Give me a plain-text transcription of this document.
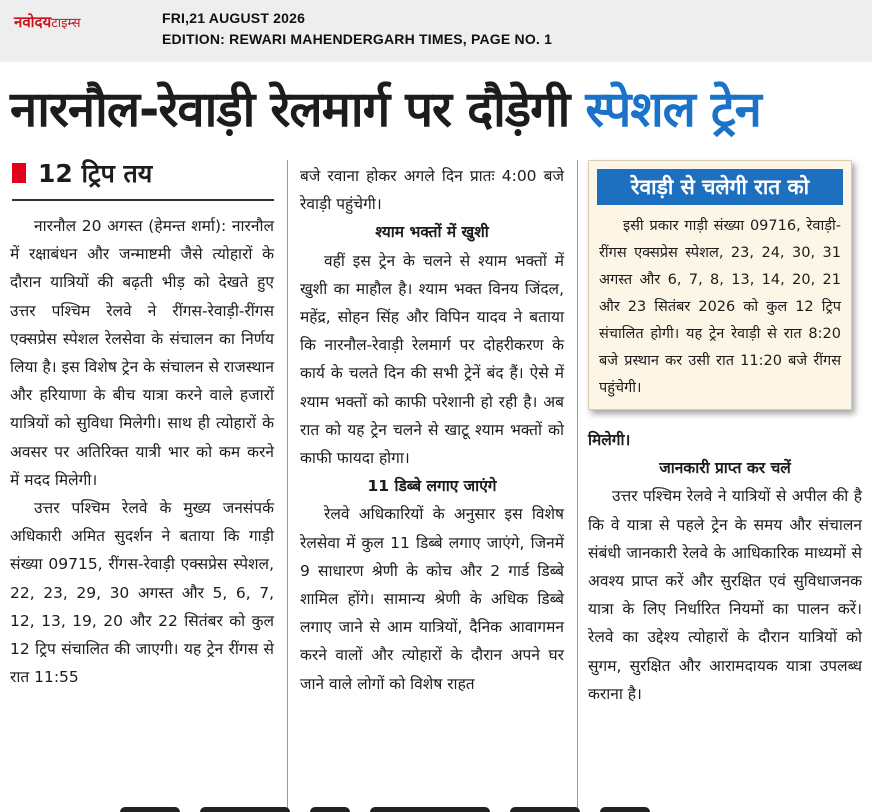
नवोदयटाइम्स	FRI,21 AUGUST 2026
EDITION: REWARI MAHENDERGARH TIMES, PAGE NO. 1
नारनौल-रेवाड़ी रेलमार्ग पर दौड़ेगी स्पेशल ट्रेन
12 ट्रिप तय

नारनौल 20 अगस्त (हेमन्त शर्मा): नारनौल में रक्षाबंधन और जन्माष्टमी जैसे त्योहारों के दौरान यात्रियों की बढ़ती भीड़ को देखते हुए उत्तर पश्चिम रेलवे ने रींगस-रेवाड़ी-रींगस एक्सप्रेस स्पेशल रेलसेवा के संचालन का निर्णय लिया है। इस विशेष ट्रेन के संचालन से राजस्थान और हरियाणा के बीच यात्रा करने वाले हजारों यात्रियों को सुविधा मिलेगी। साथ ही त्योहारों के अवसर पर अतिरिक्त यात्री भार को कम करने में मदद मिलेगी।

उत्तर पश्चिम रेलवे के मुख्य जनसंपर्क अधिकारी अमित सुदर्शन ने बताया कि गाड़ी संख्या 09715, रींगस-रेवाड़ी एक्सप्रेस स्पेशल, 22, 23, 29, 30 अगस्त और 5, 6, 7, 12, 13, 19, 20 और 22 सितंबर को कुल 12 ट्रिप संचालित की जाएगी। यह ट्रेन रींगस से रात 11:55

बजे रवाना होकर अगले दिन प्रातः 4:00 बजे रेवाड़ी पहुंचेगी।

श्याम भक्तों में खुशी

वहीं इस ट्रेन के चलने से श्याम भक्तों में खुशी का माहौल है। श्याम भक्त विनय जिंदल, महेंद्र, सोहन सिंह और विपिन यादव ने बताया कि नारनौल-रेवाड़ी रेलमार्ग पर दोहरीकरण के कार्य के चलते दिन की सभी ट्रेनें बंद हैं। ऐसे में श्याम भक्तों को काफी परेशानी हो रही है। अब रात को यह ट्रेन चलने से खाटू श्याम भक्तों को काफी फायदा होगा।

11 डिब्बे लगाए जाएंगे

रेलवे अधिकारियों के अनुसार इस विशेष रेलसेवा में कुल 11 डिब्बे लगाए जाएंगे, जिनमें 9 साधारण श्रेणी के कोच और 2 गार्ड डिब्बे शामिल होंगे। सामान्य श्रेणी के अधिक डिब्बे लगाए जाने से आम यात्रियों, दैनिक आवागमन करने वालों और त्योहारों के दौरान अपने घर जाने वाले लोगों को विशेष राहत

रेवाड़ी से चलेगी रात को

इसी प्रकार गाड़ी संख्या 09716, रेवाड़ी-रींगस एक्सप्रेस स्पेशल, 23, 24, 30, 31 अगस्त और 6, 7, 8, 13, 14, 20, 21 और 23 सितंबर 2026 को कुल 12 ट्रिप संचालित होगी। यह ट्रेन रेवाड़ी से रात 8:20 बजे प्रस्थान कर उसी रात 11:20 बजे रींगस पहुंचेगी।

मिलेगी।

जानकारी प्राप्त कर चलें

उत्तर पश्चिम रेलवे ने यात्रियों से अपील की है कि वे यात्रा से पहले ट्रेन के समय और संचालन संबंधी जानकारी रेलवे के आधिकारिक माध्यमों से अवश्य प्राप्त करें और सुरक्षित एवं सुविधाजनक यात्रा के लिए निर्धारित नियमों का पालन करें। रेलवे का उद्देश्य त्योहारों के दौरान यात्रियों को सुगम, सुरक्षित और आरामदायक यात्रा उपलब्ध कराना है।
